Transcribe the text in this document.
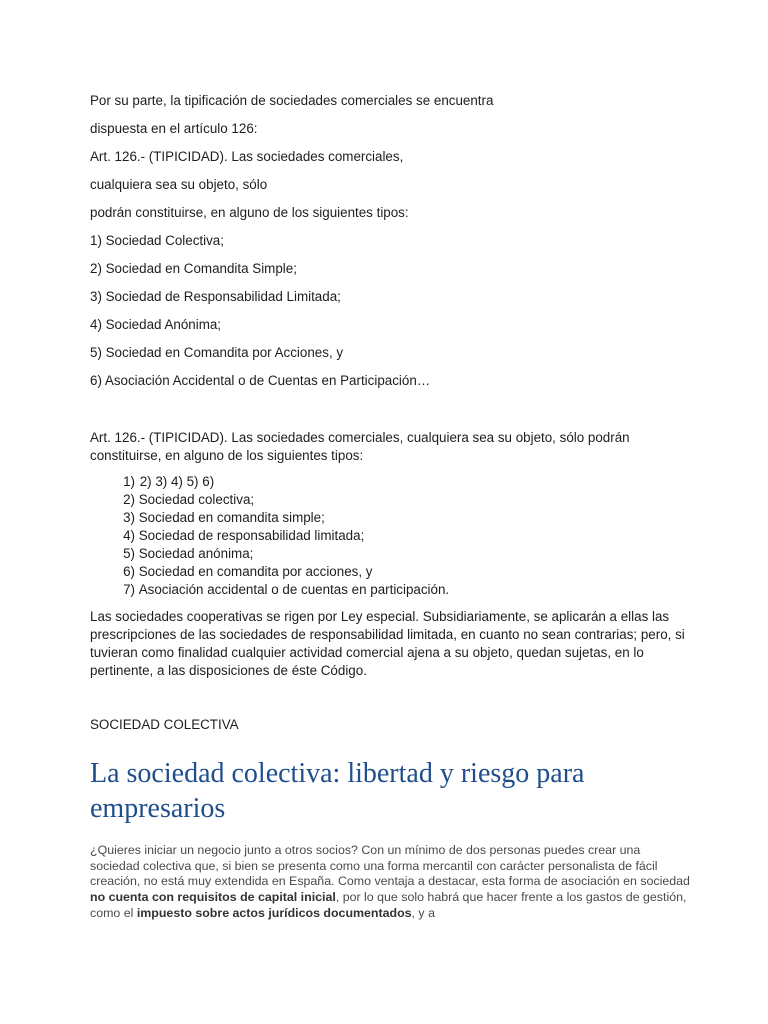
Por su parte, la tipificación de sociedades comerciales se encuentra
dispuesta en el artículo 126:
Art. 126.- (TIPICIDAD). Las sociedades comerciales,
cualquiera sea su objeto, sólo
podrán constituirse, en alguno de los siguientes tipos:
1) Sociedad Colectiva;
2) Sociedad en Comandita Simple;
3) Sociedad de Responsabilidad Limitada;
4) Sociedad Anónima;
5) Sociedad en Comandita por Acciones, y
6) Asociación Accidental o de Cuentas en Participación…
Art. 126.- (TIPICIDAD). Las sociedades comerciales, cualquiera sea su objeto, sólo podrán constituirse, en alguno de los siguientes tipos:
1)
2) 3) 4) 5) 6)
2)
Sociedad colectiva;
3)
Sociedad en comandita simple;
4)
Sociedad de responsabilidad limitada;
5)
Sociedad anónima;
6)
Sociedad en comandita por acciones, y
7)
Asociación accidental o de cuentas en participación.
Las sociedades cooperativas se rigen por Ley especial. Subsidiariamente, se aplicarán a ellas las prescripciones de las sociedades de responsabilidad limitada, en cuanto no sean contrarias; pero, si tuvieran como finalidad cualquier actividad comercial ajena a su objeto, quedan sujetas, en lo pertinente, a las disposiciones de éste Código.
SOCIEDAD COLECTIVA
La sociedad colectiva: libertad y riesgo para empresarios
¿Quieres iniciar un negocio junto a otros socios? Con un mínimo de dos personas puedes crear una sociedad colectiva que, si bien se presenta como una forma mercantil con carácter personalista de fácil creación, no está muy extendida en España. Como ventaja a destacar, esta forma de asociación en sociedad no cuenta con requisitos de capital inicial, por lo que solo habrá que hacer frente a los gastos de gestión, como el impuesto sobre actos jurídicos documentados, y a
